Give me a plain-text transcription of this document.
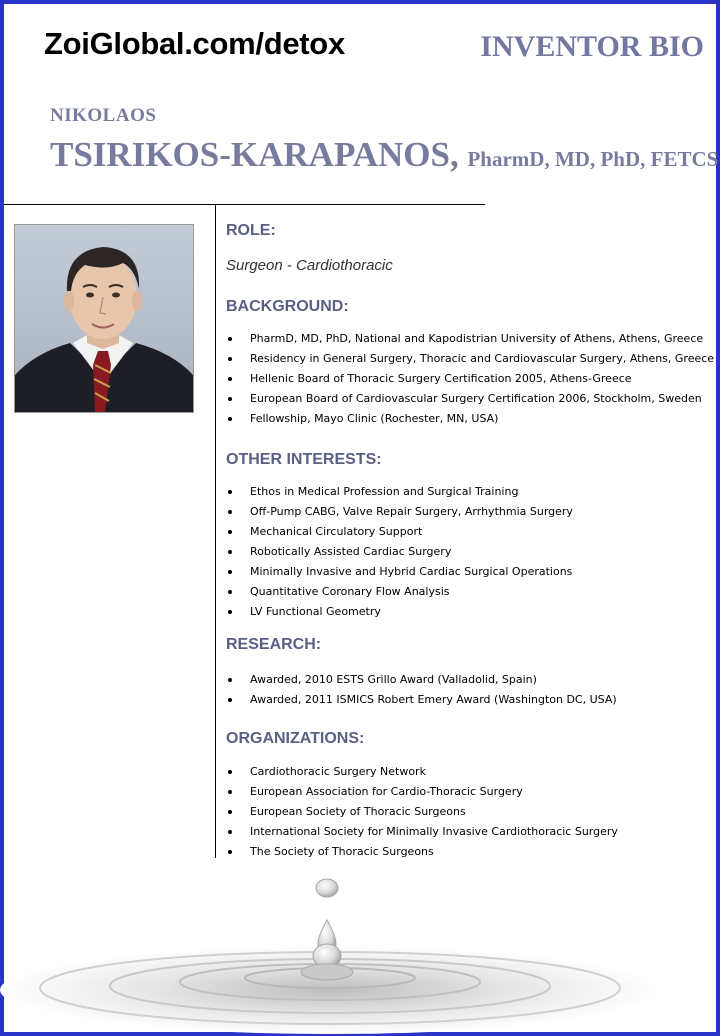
ZoiGlobal.com/detox	INVENTOR BIO
NIKOLAOS
TSIRIKOS-KARAPANOS, PharmD, MD, PhD, FETCS
ROLE:
Surgeon - Cardiothoracic
BACKGROUND:
PharmD, MD, PhD, National and Kapodistrian University of Athens, Athens, Greece
Residency in General Surgery, Thoracic and Cardiovascular Surgery, Athens, Greece
Hellenic Board of Thoracic Surgery Certification 2005, Athens-Greece
European Board of Cardiovascular Surgery Certification 2006, Stockholm, Sweden
Fellowship, Mayo Clinic (Rochester, MN, USA)
OTHER INTERESTS:
Ethos in Medical Profession and Surgical Training
Off-Pump CABG, Valve Repair Surgery, Arrhythmia Surgery
Mechanical Circulatory Support
Robotically Assisted Cardiac Surgery
Minimally Invasive and Hybrid Cardiac Surgical Operations
Quantitative Coronary Flow Analysis
LV Functional Geometry
RESEARCH:
Awarded, 2010 ESTS Grillo Award (Valladolid, Spain)
Awarded, 2011 ISMICS Robert Emery Award (Washington DC, USA)
ORGANIZATIONS:
Cardiothoracic Surgery Network
European Association for Cardio-Thoracic Surgery
European Society of Thoracic Surgeons
International Society for Minimally Invasive Cardiothoracic Surgery
The Society of Thoracic Surgeons
